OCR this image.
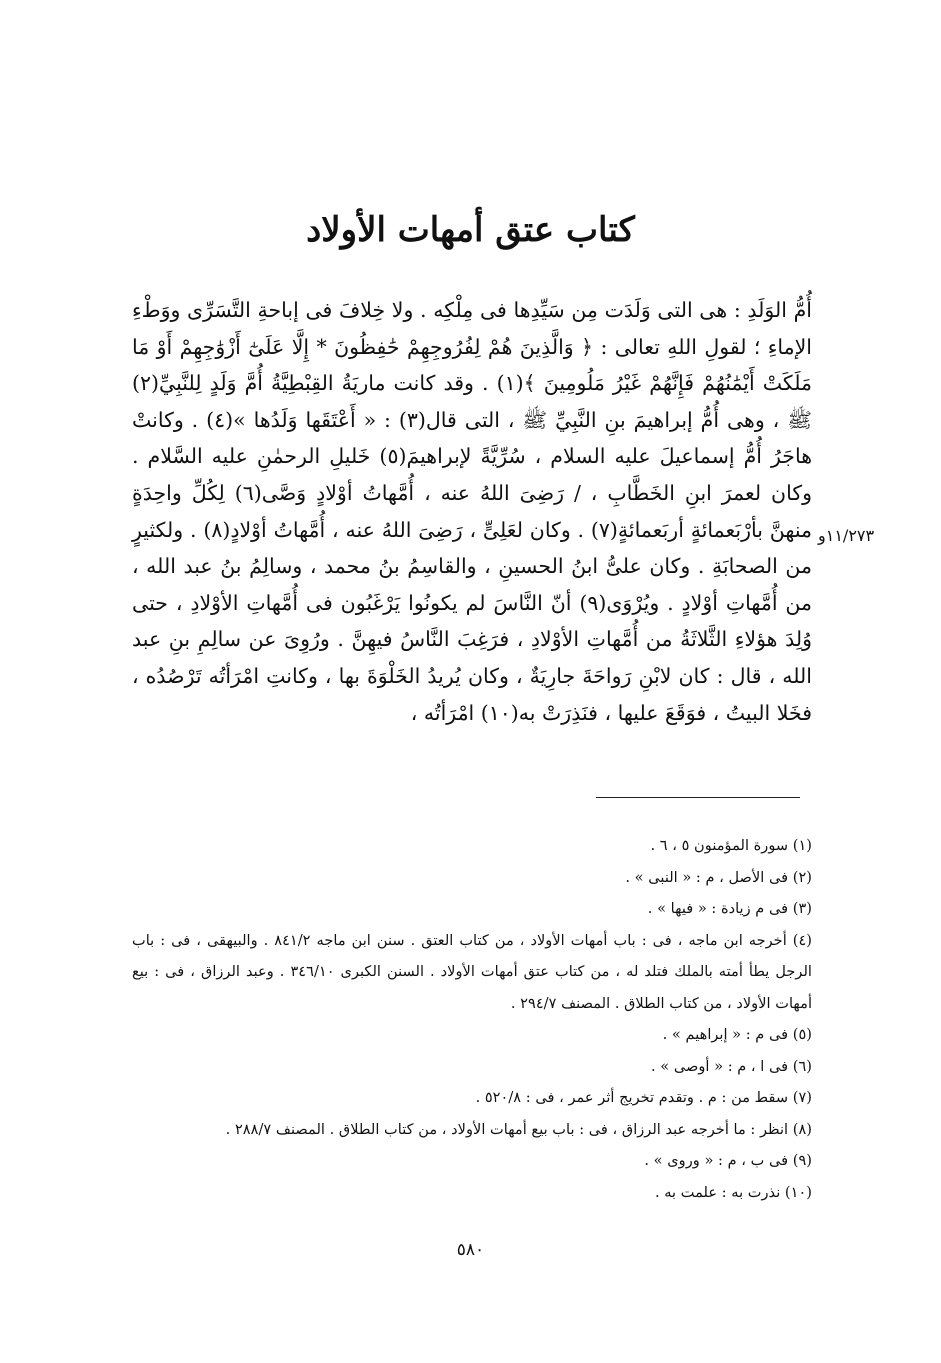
كتاب عتق أمهات الأولاد

أُمُّ الوَلَدِ : هى التى وَلَدَت مِن سَيِّدِها فى مِلْكِه . ولا خِلافَ فى إباحةِ التَّسَرِّى ووَطْءِ الإماءِ ؛ لقولِ اللهِ تعالى : ﴿ وَالَّذِينَ هُمْ لِفُرُوجِهِمْ حَٰفِظُونَ * إِلَّا عَلَىٰٓ أَزْوَٰجِهِمْ أَوْ مَا مَلَكَتْ أَيْمَٰنُهُمْ فَإِنَّهُمْ غَيْرُ مَلُومِينَ ﴾(١) . وقد كانت ماريَةُ القِبْطِيَّةُ أُمَّ وَلَدٍ لِلنَّبِيِّ(٢) ﷺ ، وهى أُمُّ إبراهيمَ بنِ النَّبِيِّ ﷺ ، التى قال(٣) : « أَعْتَقَها وَلَدُها »(٤) . وكانتْ هاجَرُ أُمُّ إسماعيلَ عليه السلام ، سُرِّيَّةً لإبراهيمَ(٥) خَليلِ الرحمٰنِ عليه السَّلام . وكان لعمرَ ابنِ الخَطَّابِ ، / رَضِىَ اللهُ عنه ، أُمَّهاتُ أوْلادٍ وَصَّى(٦) لِكُلِّ واحِدَةٍ منهنَّ بأرْبَعمائةٍ أربَعمائةٍ(٧) . وكان لعَلِىٍّ ، رَضِىَ اللهُ عنه ، أُمَّهاتُ أوْلادٍ(٨) . ولكثيرٍ من الصحابَةِ . وكان علىُّ ابنُ الحسينِ ، والقاسِمُ بنُ محمد ، وسالِمُ بنُ عبد الله ، من أُمَّهاتِ أوْلادٍ . ويُرْوَى(٩) أنّ النَّاسَ لم يكونُوا يَرْغَبُون فى أُمَّهاتِ الأوْلادِ ، حتى وُلِدَ هؤلاءِ الثَّلاثَةُ من أُمَّهاتِ الأوْلادِ ، فرَغِبَ النَّاسُ فيهِنَّ . ورُوِىَ عن سالِمِ بنِ عبد الله ، قال : كان لابْنِ رَواحَةَ جارِيَةٌ ، وكان يُريدُ الخَلْوَةَ بها ، وكانتِ امْرَأتُه تَرْصُدُه ، فخَلا البيتُ ، فوَقَعَ عليها ، فنَذِرَتْ به(١٠) امْرَأتُه ،

١١/٢٧٣و
(١) سورة المؤمنون ٥ ، ٦ .
(٢) فى الأصل ، م : « النبى » .
(٣) فى م زيادة : « فيها » .
(٤) أخرجه ابن ماجه ، فى : باب أمهات الأولاد ، من كتاب العتق . سنن ابن ماجه ٨٤١/٢ . والبيهقى ، فى : باب الرجل يطأ أمته بالملك فتلد له ، من كتاب عتق أمهات الأولاد . السنن الكبرى ٣٤٦/١٠ . وعبد الرزاق ، فى : بيع أمهات الأولاد ، من كتاب الطلاق . المصنف ٢٩٤/٧ .
(٥) فى م : « إبراهيم » .
(٦) فى ا ، م : « أوصى » .
(٧) سقط من : م . وتقدم تخريج أثر عمر ، فى : ٥٢٠/٨ .
(٨) انظر : ما أخرجه عبد الرزاق ، فى : باب بيع أمهات الأولاد ، من كتاب الطلاق . المصنف ٢٨٨/٧ .
(٩) فى ب ، م : « وروى » .
(١٠) نذرت به : علمت به .
٥٨٠
